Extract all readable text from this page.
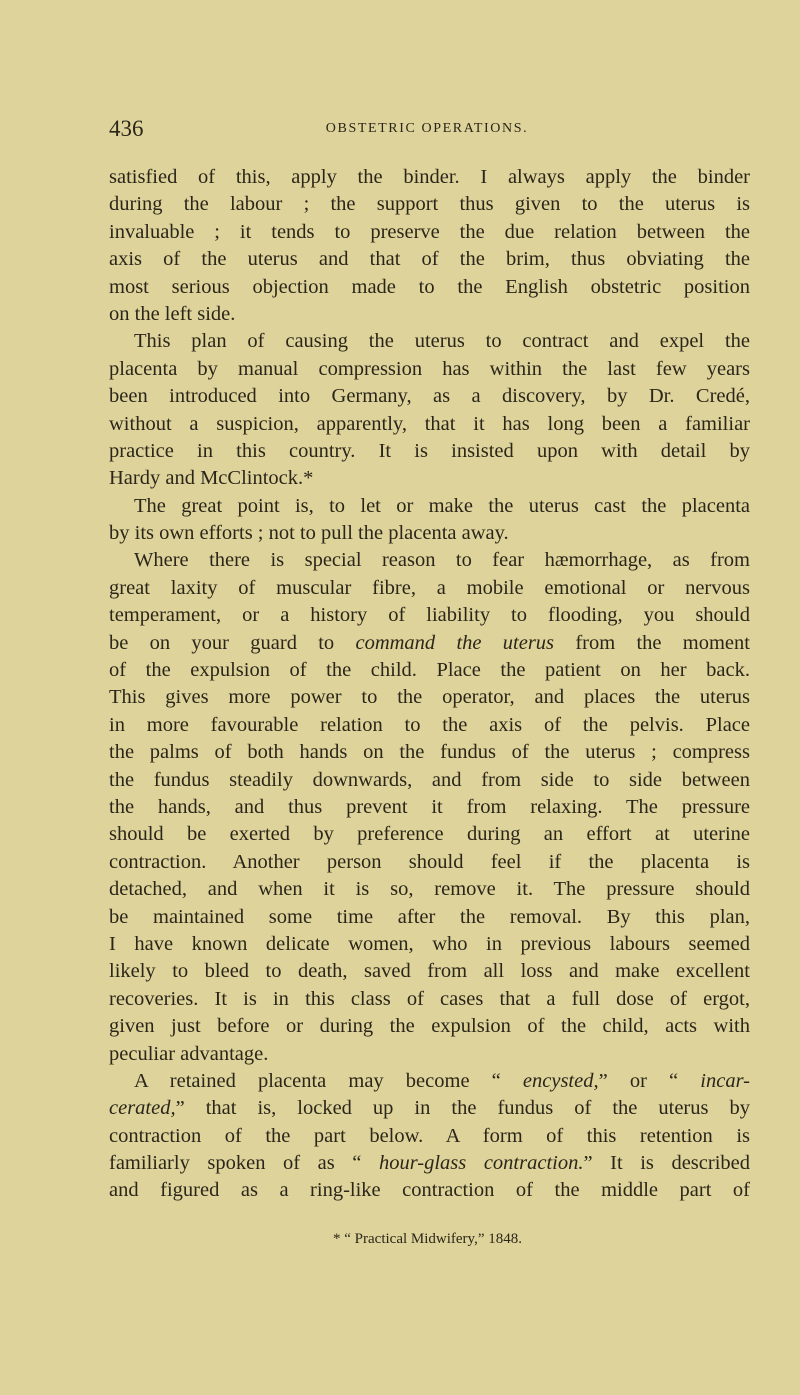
436	OBSTETRIC OPERATIONS.
satisfied of this, apply the binder. I always apply the binder
during the labour ; the support thus given to the uterus is
invaluable ; it tends to preserve the due relation between the
axis of the uterus and that of the brim, thus obviating the
most serious objection made to the English obstetric position
on the left side.
This plan of causing the uterus to contract and expel the
placenta by manual compression has within the last few years
been introduced into Germany, as a discovery, by Dr. Credé,
without a suspicion, apparently, that it has long been a familiar
practice in this country. It is insisted upon with detail by
Hardy and McClintock.*
The great point is, to let or make the uterus cast the placenta
by its own efforts ; not to pull the placenta away.
Where there is special reason to fear hæmorrhage, as from
great laxity of muscular fibre, a mobile emotional or nervous
temperament, or a history of liability to flooding, you should
be on your guard to command the uterus from the moment
of the expulsion of the child. Place the patient on her back.
This gives more power to the operator, and places the uterus
in more favourable relation to the axis of the pelvis. Place
the palms of both hands on the fundus of the uterus ; compress
the fundus steadily downwards, and from side to side between
the hands, and thus prevent it from relaxing. The pressure
should be exerted by preference during an effort at uterine
contraction. Another person should feel if the placenta is
detached, and when it is so, remove it. The pressure should
be maintained some time after the removal. By this plan,
I have known delicate women, who in previous labours seemed
likely to bleed to death, saved from all loss and make excellent
recoveries. It is in this class of cases that a full dose of ergot,
given just before or during the expulsion of the child, acts with
peculiar advantage.
A retained placenta may become “ encysted,” or “ incar-
cerated,” that is, locked up in the fundus of the uterus by
contraction of the part below. A form of this retention is
familiarly spoken of as “ hour-glass contraction.” It is described
and figured as a ring-like contraction of the middle part of
* “ Practical Midwifery,” 1848.
